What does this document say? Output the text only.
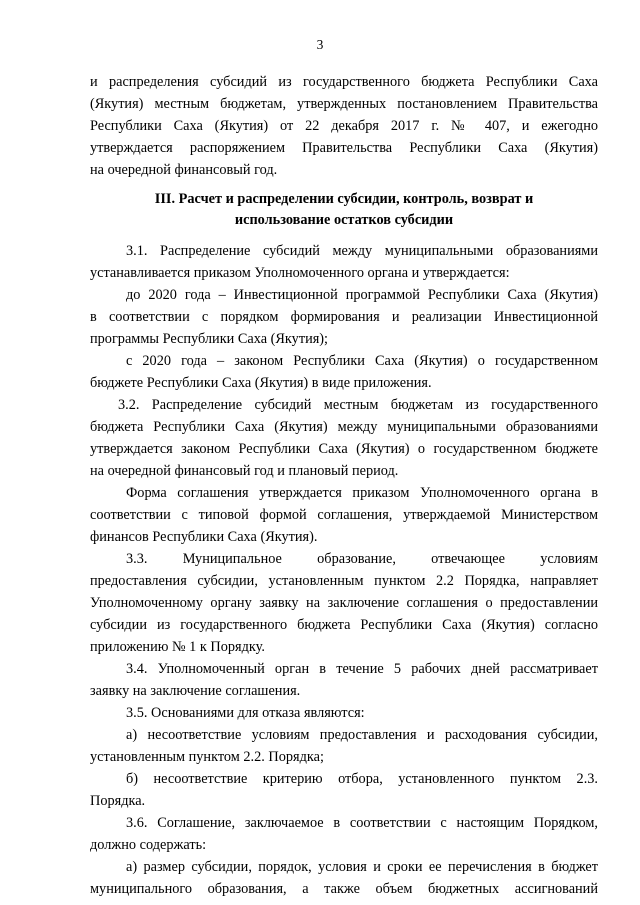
3
и распределения субсидий из государственного бюджета Республики Саха
(Якутия) местным бюджетам, утвержденных постановлением Правительства
Республики Саха (Якутия) от 22 декабря 2017 г. № 407, и ежегодно
утверждается распоряжением Правительства Республики Саха (Якутия)
на очередной финансовый год.
III. Расчет и распределении субсидии, контроль, возврат и
использование остатков субсидии
3.1. Распределение субсидий между муниципальными образованиями
устанавливается приказом Уполномоченного органа и утверждается:
до 2020 года – Инвестиционной программой Республики Саха (Якутия)
в соответствии с порядком формирования и реализации Инвестиционной
программы Республики Саха (Якутия);
с 2020 года – законом Республики Саха (Якутия) о государственном
бюджете Республики Саха (Якутия) в виде приложения.
3.2. Распределение субсидий местным бюджетам из государственного
бюджета Республики Саха (Якутия) между муниципальными образованиями
утверждается законом Республики Саха (Якутия) о государственном бюджете
на очередной финансовый год и плановый период.
Форма соглашения утверждается приказом Уполномоченного органа в
соответствии с типовой формой соглашения, утверждаемой Министерством
финансов Республики Саха (Якутия).
3.3. Муниципальное образование, отвечающее условиям
предоставления субсидии, установленным пунктом 2.2 Порядка, направляет
Уполномоченному органу заявку на заключение соглашения о предоставлении
субсидии из государственного бюджета Республики Саха (Якутия) согласно
приложению № 1 к Порядку.
3.4. Уполномоченный орган в течение 5 рабочих дней рассматривает
заявку на заключение соглашения.
3.5. Основаниями для отказа являются:
а) несоответствие условиям предоставления и расходования субсидии,
установленным пунктом 2.2. Порядка;
б) несоответствие критерию отбора, установленного пунктом 2.3.
Порядка.
3.6. Соглашение, заключаемое в соответствии с настоящим Порядком,
должно содержать:
а) размер субсидии, порядок, условия и сроки ее перечисления в бюджет
муниципального образования, а также объем бюджетных ассигнований
